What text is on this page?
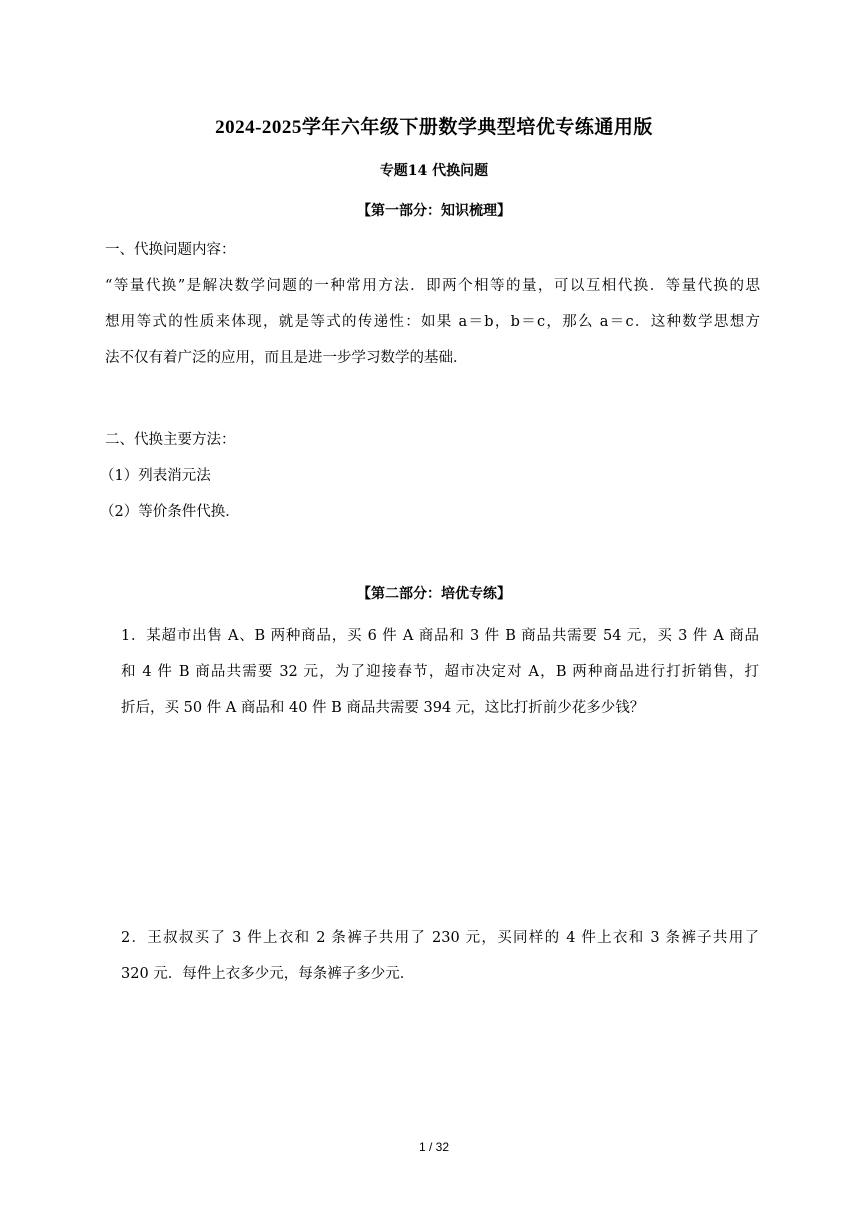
2024-2025学年六年级下册数学典型培优专练通用版
专题14 代换问题
【第一部分：知识梳理】
一、代换问题内容：
“等量代换”是解决数学问题的一种常用方法．即两个相等的量，可以互相代换．等量代换的思
想用等式的性质来体现，就是等式的传递性：如果 a＝b，b＝c，那么 a＝c．这种数学思想方
法不仅有着广泛的应用，而且是进一步学习数学的基础．
二、代换主要方法：
（1）列表消元法
（2）等价条件代换．
【第二部分：培优专练】
1．某超市出售 A、B 两种商品，买 6 件 A 商品和 3 件 B 商品共需要 54 元，买 3 件 A 商品
和 4 件 B 商品共需要 32 元，为了迎接春节，超市决定对 A，B 两种商品进行打折销售，打
折后，买 50 件 A 商品和 40 件 B 商品共需要 394 元，这比打折前少花多少钱？
2．王叔叔买了 3 件上衣和 2 条裤子共用了 230 元，买同样的 4 件上衣和 3 条裤子共用了
320 元．每件上衣多少元，每条裤子多少元．
1 / 32
